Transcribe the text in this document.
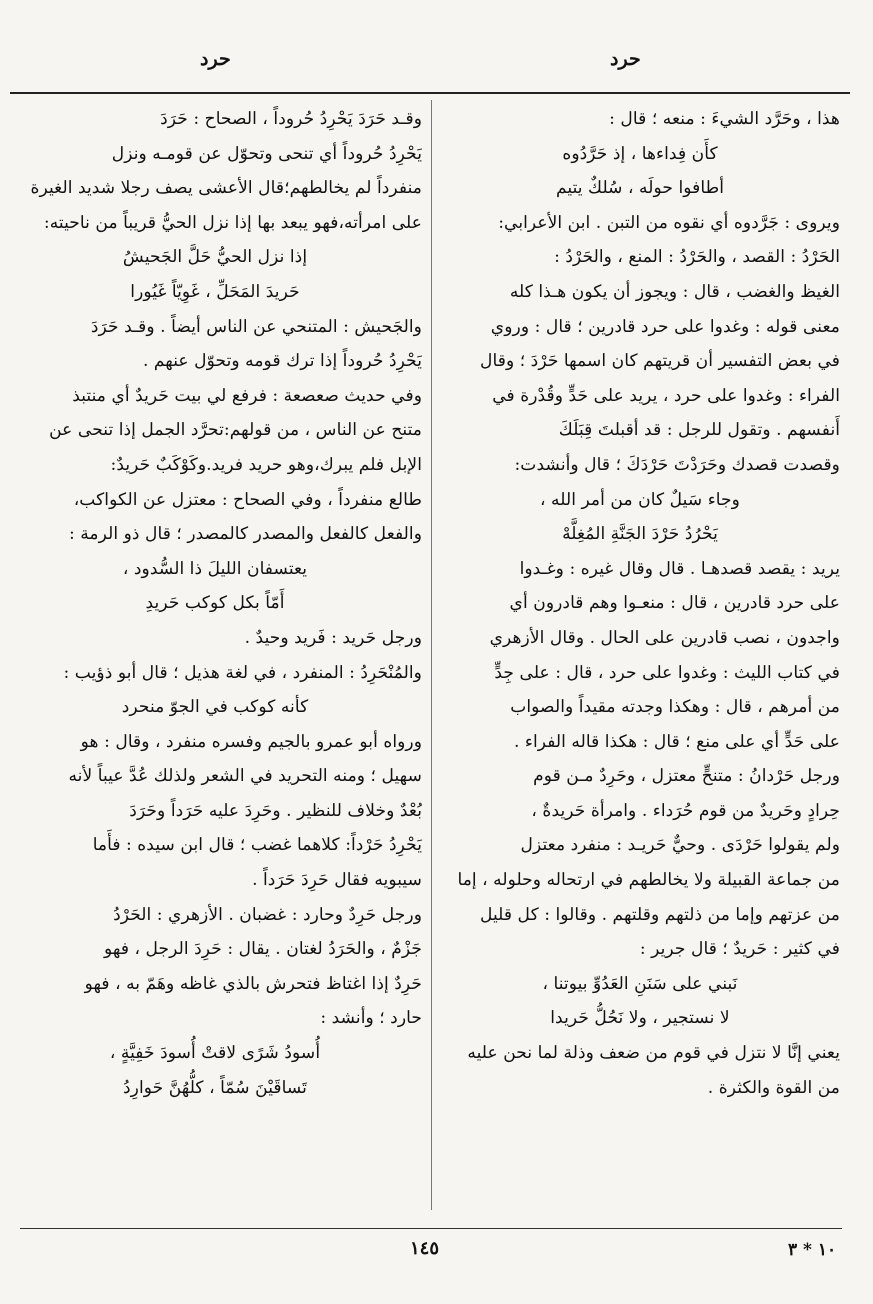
حرد
حرد

هذا ، وحَرَّد الشيءَ : منعه ؛ قال :

كأَن فِداءها ، إذ حَرَّدُوه

أطافوا حولَه ، سُلكٌ يتيم

ويروى : جَرَّدوه أي نقوه من التبن . ابن الأعرابي:

الحَرْدُ : القصد ، والحَرْدُ : المنع ، والحَرْدُ :

الغيظ والغضب ، قال : ويجوز أن يكون هـذا كله

معنى قوله : وغدوا على حرد قادرين ؛ قال : وروي

في بعض التفسير أن قريتهم كان اسمها حَرْدَ ؛ وقال

الفراء : وغدوا على حرد ، يريد على حَدٍّ وقُدْرة في

أَنفسهم . وتقول للرجل : قد أقبلتَ قِبَلَكَ

وقصدت قصدك وحَرَدْتَ حَرْدَكَ ؛ قال وأنشدت:

وجاء سَيلٌ كان من أمر الله ،

يَحْرُدُ حَرْدَ الجَنَّةِ المُغِلَّهْ

يريد : يقصد قصدهـا . قال وقال غيره : وغـدوا

على حرد قادرين ، قال : منعـوا وهم قادرون أي

واجدون ، نصب قادرين على الحال . وقال الأزهري

في كتاب الليث : وغدوا على حرد ، قال : على جِدٍّ

من أمرهم ، قال : وهكذا وجدته مقيداً والصواب

على حَدٍّ أي على منع ؛ قال : هكذا قاله الفراء .

ورجل حَرْدانُ : متنحٍّ معتزل ، وحَرِدٌ مـن قوم

حِرادٍ وحَريدٌ من قوم حُرَداء . وامرأة حَريدةٌ ،

ولم يقولوا حَرْدَى . وحيٌّ حَريـد : منفرد معتزل

من جماعة القبيلة ولا يخالطهم في ارتحاله وحلوله ، إما

من عزتهم وإما من ذلتهم وقلتهم . وقالوا : كل قليل

في كثير : حَريدٌ ؛ قال جرير :

نَبني على سَنَنِ العَدُوِّ بيوتنا ،

لا نستجير ، ولا نَحُلُّ حَريدا

يعني إنَّا لا نتزل في قوم من ضعف وذلة لما نحن عليه

من القوة والكثرة .

وقـد حَرَدَ يَحْرِدُ حُروداً ، الصحاح : حَرَدَ

يَحْرِدُ حُروداً أي تنحى وتحوّل عن قومـه ونزل

منفرداً لم يخالطهم؛قال الأعشى يصف رجلا شديد الغيرة

على امرأته،فهو يبعد بها إذا نزل الحيُّ قريباً من ناحيته:

إذا نزل الحيُّ حَلَّ الجَحيشُ

حَريدَ المَحَلِّ ، غَوِيّاً غَيُورا

والجَحيش : المتنحي عن الناس أيضاً . وقـد حَرَدَ

يَحْرِدُ حُروداً إذا ترك قومه وتحوّل عنهم .

وفي حديث صعصعة : فرفع لي بيت حَريدٌ أي منتبذ

متنح عن الناس ، من قولهم:تحرَّد الجمل إذا تنحى عن

الإبل فلم يبرك،وهو حريد فريد.وكَوْكَبٌ حَريدٌ:

طالع منفرداً ، وفي الصحاح : معتزل عن الكواكب،

والفعل كالفعل والمصدر كالمصدر ؛ قال ذو الرمة :

يعتسفان الليلَ ذا السُّدود ،

أَمّاً بكل كوكب حَريدِ

ورجل حَريد : فَريد وحيدٌ .

والمُنْحَرِدُ : المنفرد ، في لغة هذيل ؛ قال أبو ذؤيب :

كأنه كوكب في الجوّ منحرد

ورواه أبو عمرو بالجيم وفسره منفرد ، وقال : هو

سهيل ؛ ومنه التحريد في الشعر ولذلك عُدَّ عيباً لأنه

بُعْدٌ وخلاف للنظير . وحَرِدَ عليه حَرَداً وحَرَدَ

يَحْرِدُ حَرْداً: كلاهما غضب ؛ قال ابن سيده : فأَما

سيبويه فقال حَرِدَ حَرَداً .

ورجل حَرِدٌ وحارد : غضبان . الأزهري : الحَرْدُ

جَزْمٌ ، والحَرَدُ لغتان . يقال : حَرِدَ الرجل ، فهو

حَرِدٌ إذا اغتاظ فتحرش بالذي غاظه وهَمّ به ، فهو

حارد ؛ وأنشد :

أُسودُ شَرًى لاقتْ أُسودَ خَفِيَّةٍ ،

تَساقَيْنَ سُمّاً ، كلُّهُنَّ حَوارِدُ

١٤٥	١٠ * ٣
